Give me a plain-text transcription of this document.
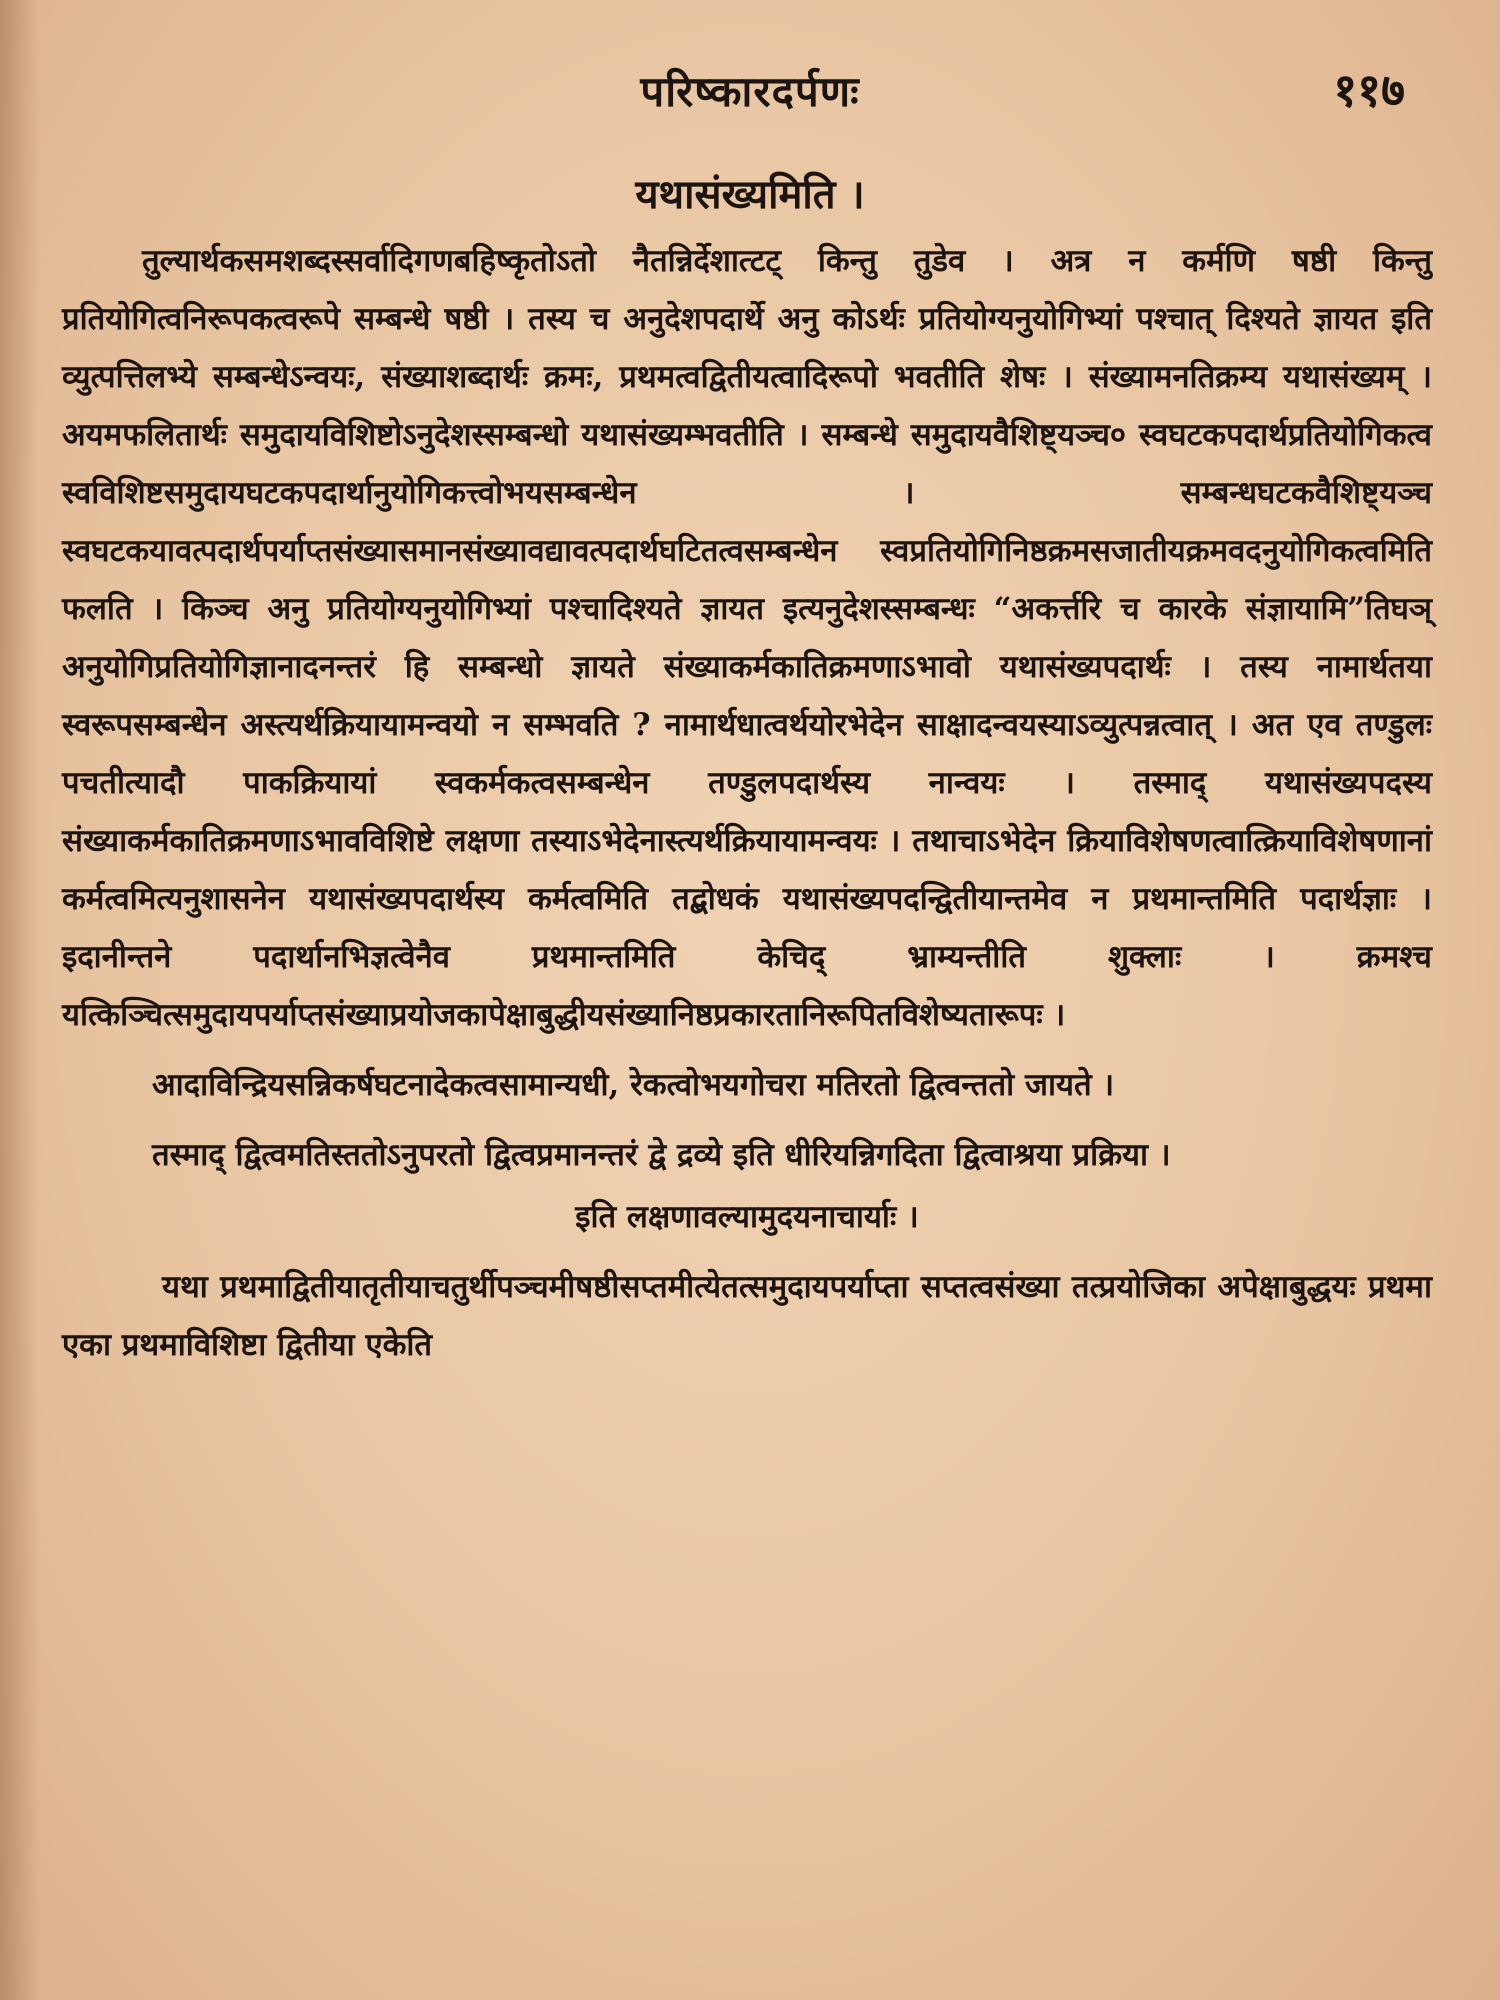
परिष्कारदर्पणः	११७
यथासंख्यमिति ।

तुल्यार्थकसमशब्दस्सर्वादिगणबहिष्कृतोऽतो नैतन्निर्देशात्टट् किन्तु तुडेव । अत्र न कर्मणि षष्ठी किन्तु प्रतियोगित्वनिरूपकत्वरूपे सम्बन्धे षष्ठी । तस्य च अनुदेशपदार्थे अनु कोऽर्थः प्रतियोग्यनुयोगिभ्यां पश्चात् दिश्यते ज्ञायत इति व्युत्पत्तिलभ्ये सम्बन्धेऽन्वयः, संख्याशब्दार्थः क्रमः, प्रथमत्वद्वितीयत्वादिरूपो भवतीति शेषः । संख्यामनतिक्रम्य यथासंख्यम् । अयमफलितार्थः समुदायविशिष्टोऽनुदेशस्सम्बन्धो यथासंख्यम्भवतीति । सम्बन्धे समुदायवैशिष्ट्यञ्च० स्वघटकपदार्थप्रतियोगिकत्व स्वविशिष्टसमुदायघटकपदार्थानुयोगिकत्त्वोभयसम्बन्धेन । सम्बन्धघटकवैशिष्ट्यञ्च स्वघटकयावत्पदार्थपर्याप्तसंख्यासमानसंख्यावद्यावत्पदार्थघटितत्वसम्बन्धेन स्वप्रतियोगिनिष्ठक्रमसजातीयक्रमवदनुयोगिकत्वमिति फलति । किञ्च अनु प्रतियोग्यनुयोगिभ्यां पश्चादिश्यते ज्ञायत इत्यनुदेशस्सम्बन्धः “अकर्त्तरि च कारके संज्ञायामि”तिघञ् अनुयोगिप्रतियोगिज्ञानादनन्तरं हि सम्बन्धो ज्ञायते संख्याकर्मकातिक्रमणाऽभावो यथासंख्यपदार्थः । तस्य नामार्थतया स्वरूपसम्बन्धेन अस्त्यर्थक्रियायामन्वयो न सम्भवति ? नामार्थधात्वर्थयोरभेदेन साक्षादन्वयस्याऽव्युत्पन्नत्वात् । अत एव तण्डुलः पचतीत्यादौ पाकक्रियायां स्वकर्मकत्वसम्बन्धेन तण्डुलपदार्थस्य नान्वयः । तस्माद् यथासंख्यपदस्य संख्याकर्मकातिक्रमणाऽभावविशिष्टे लक्षणा तस्याऽभेदेनास्त्यर्थक्रियायामन्वयः । तथाचाऽभेदेन क्रियाविशेषणत्वात्क्रियाविशेषणानां कर्मत्वमित्यनुशासनेन यथासंख्यपदार्थस्य कर्मत्वमिति तद्बोधकं यथासंख्यपदन्द्वितीयान्तमेव न प्रथमान्तमिति पदार्थज्ञाः । इदानीन्तने पदार्थानभिज्ञत्वेनैव प्रथमान्तमिति केचिद् भ्राम्यन्तीति शुक्लाः । क्रमश्च यत्किञ्चित्समुदायपर्याप्तसंख्याप्रयोजकापेक्षाबुद्धीयसंख्यानिष्ठप्रकारतानिरूपितविशेष्यतारूपः ।

आदाविन्द्रियसन्निकर्षघटनादेकत्वसामान्यधी, रेकत्वोभयगोचरा मतिरतो द्वित्वन्ततो जायते ।

तस्माद् द्वित्वमतिस्ततोऽनुपरतो द्वित्वप्रमानन्तरं द्वे द्रव्ये इति धीरियन्निगदिता द्वित्वाश्रया प्रक्रिया ।

इति लक्षणावल्यामुदयनाचार्याः ।

यथा प्रथमाद्वितीयातृतीयाचतुर्थीपञ्चमीषष्ठीसप्तमीत्येतत्समुदायपर्याप्ता सप्तत्वसंख्या तत्प्रयोजिका अपेक्षाबुद्धयः प्रथमा एका प्रथमाविशिष्टा द्वितीया एकेति
